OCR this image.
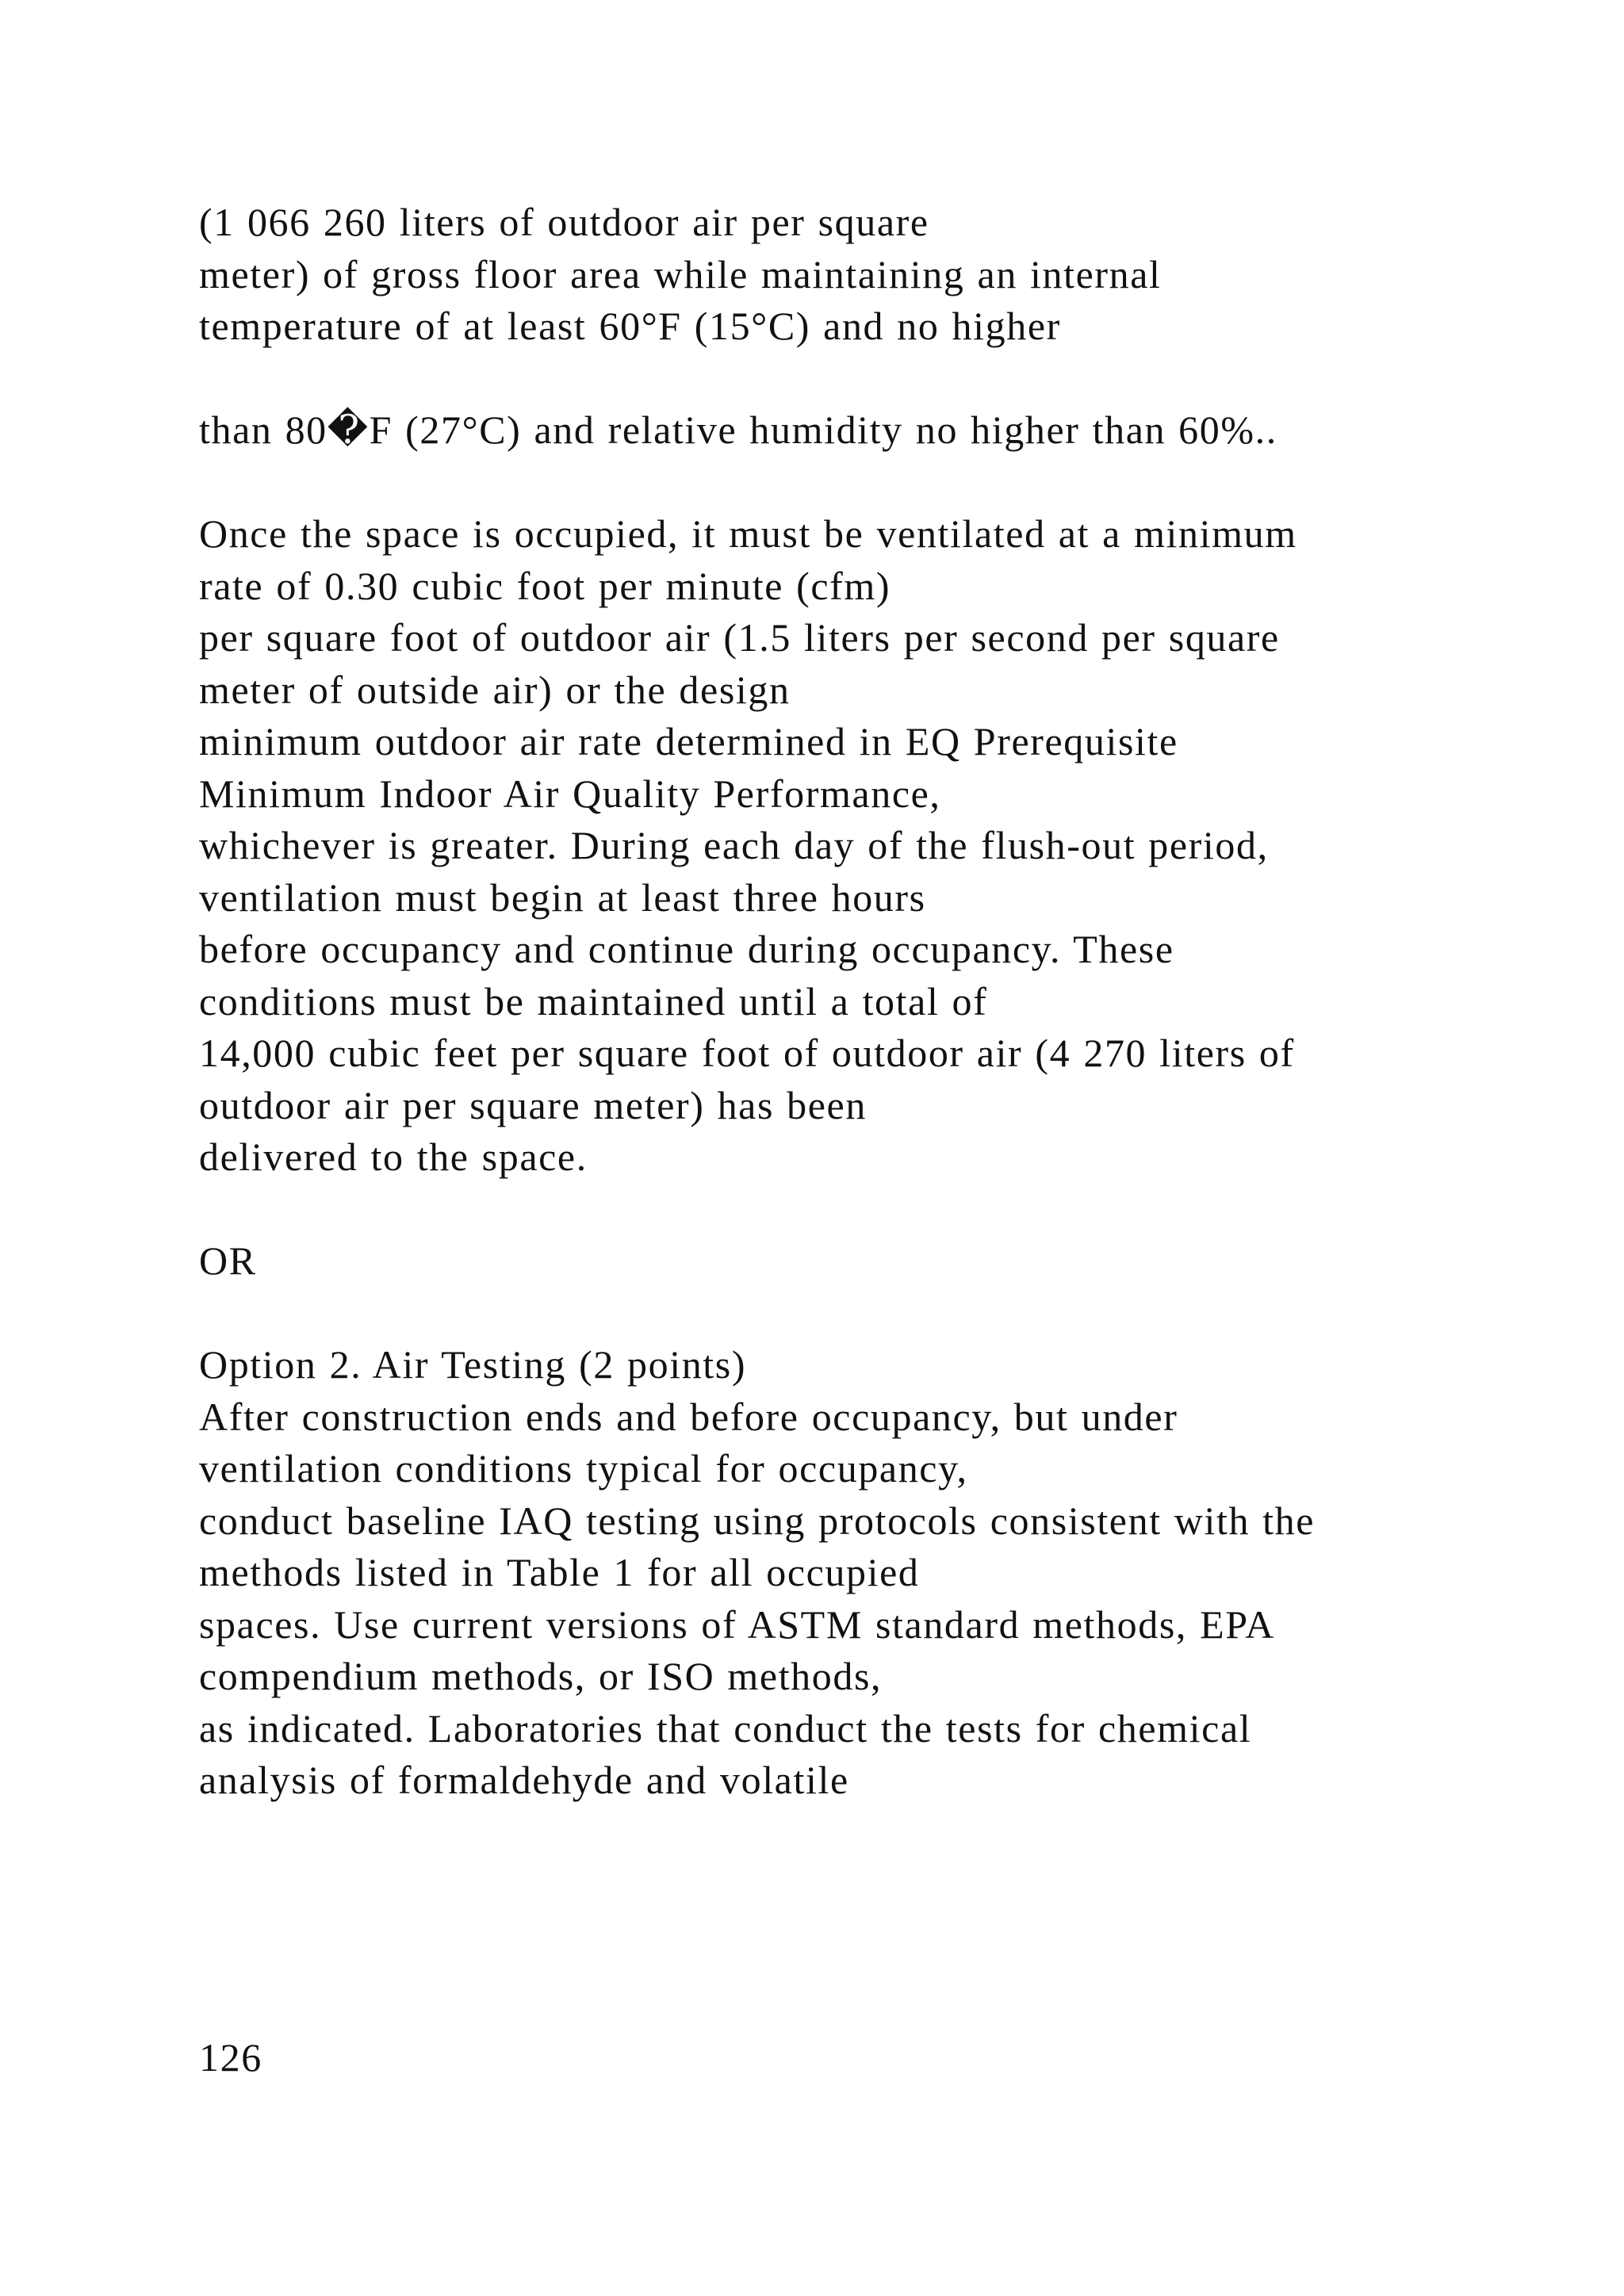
(1 066 260 liters of outdoor air per square
meter) of gross floor area while maintaining an internal
temperature of at least 60°F (15°C) and no higher
than 80�F (27°C) and relative humidity no higher than 60%..
Once the space is occupied, it must be ventilated at a minimum
rate of 0.30 cubic foot per minute (cfm)
per square foot of outdoor air (1.5 liters per second per square
meter of outside air) or the design
minimum outdoor air rate determined in EQ Prerequisite
Minimum Indoor Air Quality Performance,
whichever is greater. During each day of the flush-out period,
ventilation must begin at least three hours
before occupancy and continue during occupancy. These
conditions must be maintained until a total of
14,000 cubic feet per square foot of outdoor air (4 270 liters of
outdoor air per square meter) has been
delivered to the space.
OR
Option 2. Air Testing (2 points)
After construction ends and before occupancy, but under
ventilation conditions typical for occupancy,
conduct baseline IAQ testing using protocols consistent with the
methods listed in Table 1 for all occupied
spaces. Use current versions of ASTM standard methods, EPA
compendium methods, or ISO methods,
as indicated. Laboratories that conduct the tests for chemical
analysis of formaldehyde and volatile
126
